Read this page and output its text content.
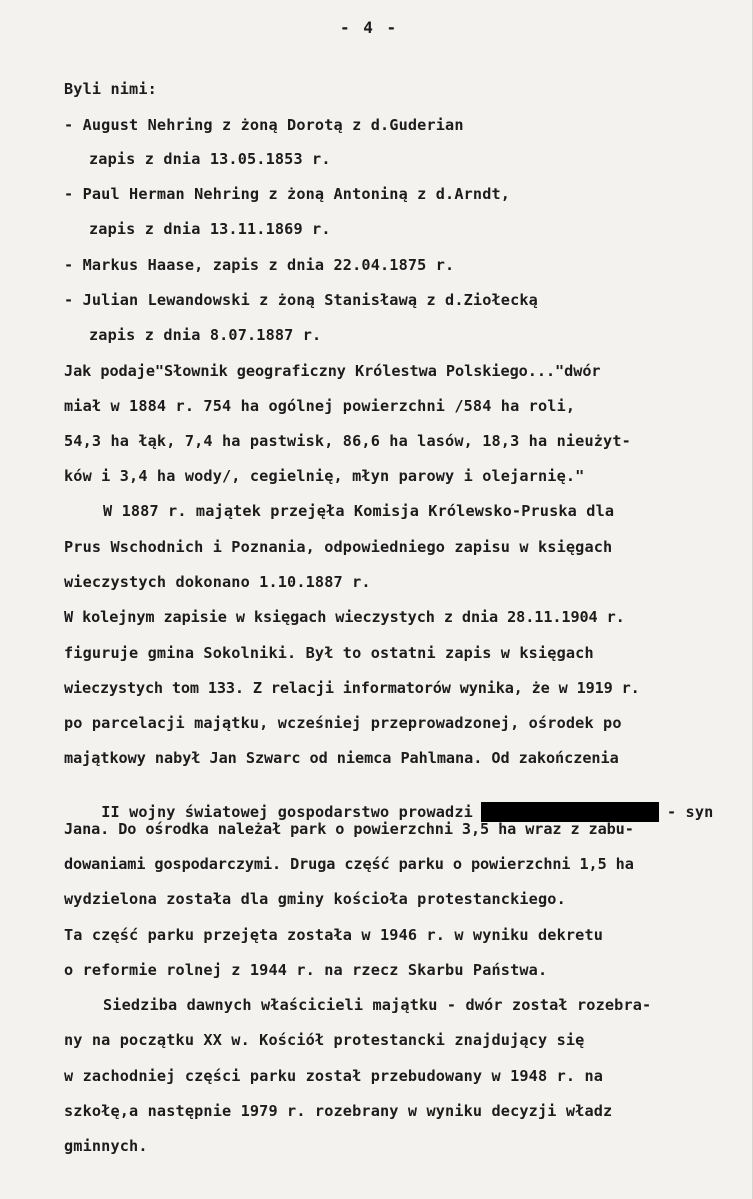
- 4 -
Byli nimi:
- August Nehring z żoną Dorotą z d.Guderian
zapis z dnia 13.05.1853 r.
- Paul Herman Nehring z żoną Antoniną z d.Arndt,
zapis z dnia 13.11.1869 r.
- Markus Haase, zapis z dnia 22.04.1875 r.
- Julian Lewandowski z żoną Stanisławą z d.Ziołecką
zapis z dnia 8.07.1887 r.
Jak podaje"Słownik geograficzny Królestwa Polskiego..."dwór
miał w 1884 r. 754 ha ogólnej powierzchni /584 ha roli,
54,3 ha łąk, 7,4 ha pastwisk, 86,6 ha lasów, 18,3 ha nieużyt-
ków i 3,4 ha wody/, cegielnię, młyn parowy i olejarnię."
W 1887 r. majątek przejęła Komisja Królewsko-Pruska dla
Prus Wschodnich i Poznania, odpowiedniego zapisu w księgach
wieczystych dokonano 1.10.1887 r.
W kolejnym zapisie w księgach wieczystych z dnia 28.11.1904 r.
figuruje gmina Sokolniki. Był to ostatni zapis w księgach
wieczystych tom 133. Z relacji informatorów wynika, że w 1919 r.
po parcelacji majątku, wcześniej przeprowadzonej, ośrodek po
majątkowy nabył Jan Szwarc od niemca Pahlmana. Od zakończenia

II wojny światowej gospodarstwo prowadzi	- syn

Jana. Do ośrodka należał park o powierzchni 3,5 ha wraz z zabu-
dowaniami gospodarczymi. Druga część parku o powierzchni 1,5 ha
wydzielona została dla gminy kościoła protestanckiego.
Ta część parku przejęta została w 1946 r. w wyniku dekretu
o reformie rolnej z 1944 r. na rzecz Skarbu Państwa.
Siedziba dawnych właścicieli majątku - dwór został rozebra-
ny na początku XX w. Kościół protestancki znajdujący się
w zachodniej części parku został przebudowany w 1948 r. na
szkołę,a następnie 1979 r. rozebrany w wyniku decyzji władz
gminnych.
